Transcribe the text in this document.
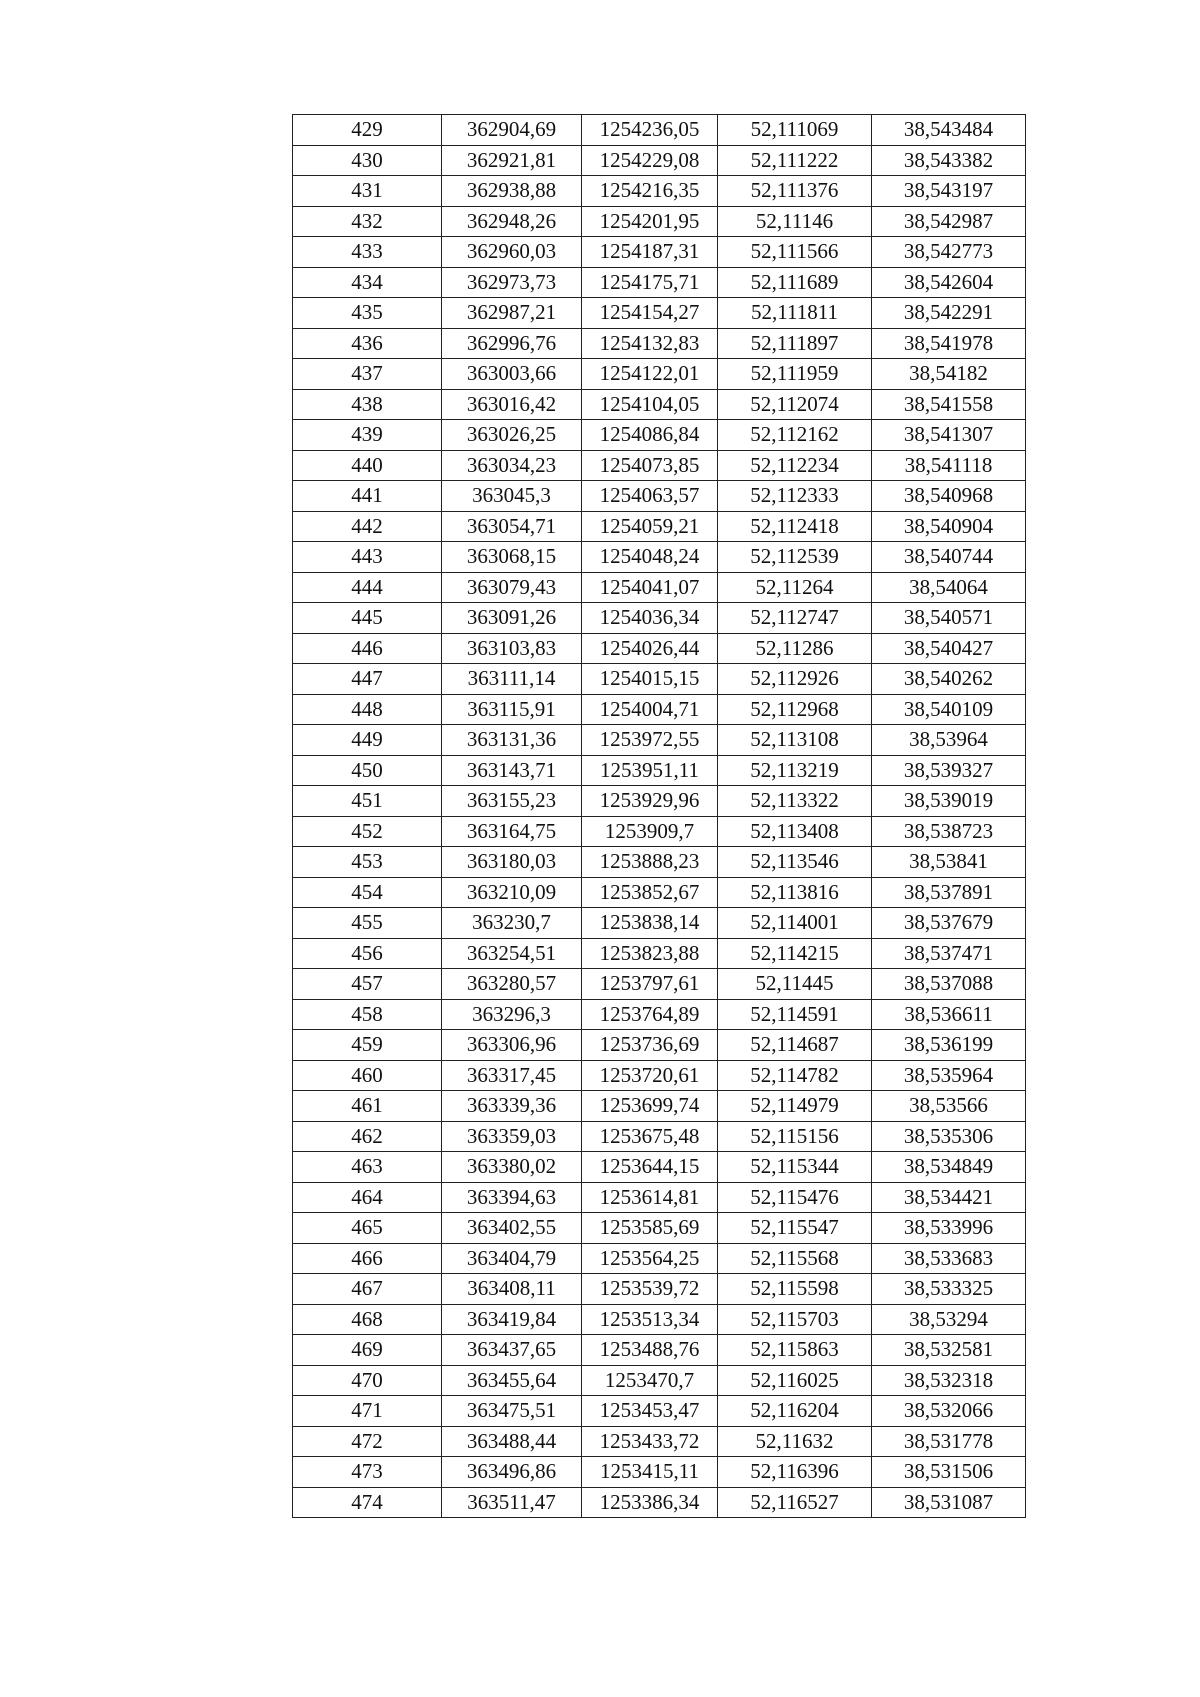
429	362904,69	1254236,05	52,111069	38,543484
430	362921,81	1254229,08	52,111222	38,543382
431	362938,88	1254216,35	52,111376	38,543197
432	362948,26	1254201,95	52,11146	38,542987
433	362960,03	1254187,31	52,111566	38,542773
434	362973,73	1254175,71	52,111689	38,542604
435	362987,21	1254154,27	52,111811	38,542291
436	362996,76	1254132,83	52,111897	38,541978
437	363003,66	1254122,01	52,111959	38,54182
438	363016,42	1254104,05	52,112074	38,541558
439	363026,25	1254086,84	52,112162	38,541307
440	363034,23	1254073,85	52,112234	38,541118
441	363045,3	1254063,57	52,112333	38,540968
442	363054,71	1254059,21	52,112418	38,540904
443	363068,15	1254048,24	52,112539	38,540744
444	363079,43	1254041,07	52,11264	38,54064
445	363091,26	1254036,34	52,112747	38,540571
446	363103,83	1254026,44	52,11286	38,540427
447	363111,14	1254015,15	52,112926	38,540262
448	363115,91	1254004,71	52,112968	38,540109
449	363131,36	1253972,55	52,113108	38,53964
450	363143,71	1253951,11	52,113219	38,539327
451	363155,23	1253929,96	52,113322	38,539019
452	363164,75	1253909,7	52,113408	38,538723
453	363180,03	1253888,23	52,113546	38,53841
454	363210,09	1253852,67	52,113816	38,537891
455	363230,7	1253838,14	52,114001	38,537679
456	363254,51	1253823,88	52,114215	38,537471
457	363280,57	1253797,61	52,11445	38,537088
458	363296,3	1253764,89	52,114591	38,536611
459	363306,96	1253736,69	52,114687	38,536199
460	363317,45	1253720,61	52,114782	38,535964
461	363339,36	1253699,74	52,114979	38,53566
462	363359,03	1253675,48	52,115156	38,535306
463	363380,02	1253644,15	52,115344	38,534849
464	363394,63	1253614,81	52,115476	38,534421
465	363402,55	1253585,69	52,115547	38,533996
466	363404,79	1253564,25	52,115568	38,533683
467	363408,11	1253539,72	52,115598	38,533325
468	363419,84	1253513,34	52,115703	38,53294
469	363437,65	1253488,76	52,115863	38,532581
470	363455,64	1253470,7	52,116025	38,532318
471	363475,51	1253453,47	52,116204	38,532066
472	363488,44	1253433,72	52,11632	38,531778
473	363496,86	1253415,11	52,116396	38,531506
474	363511,47	1253386,34	52,116527	38,531087
